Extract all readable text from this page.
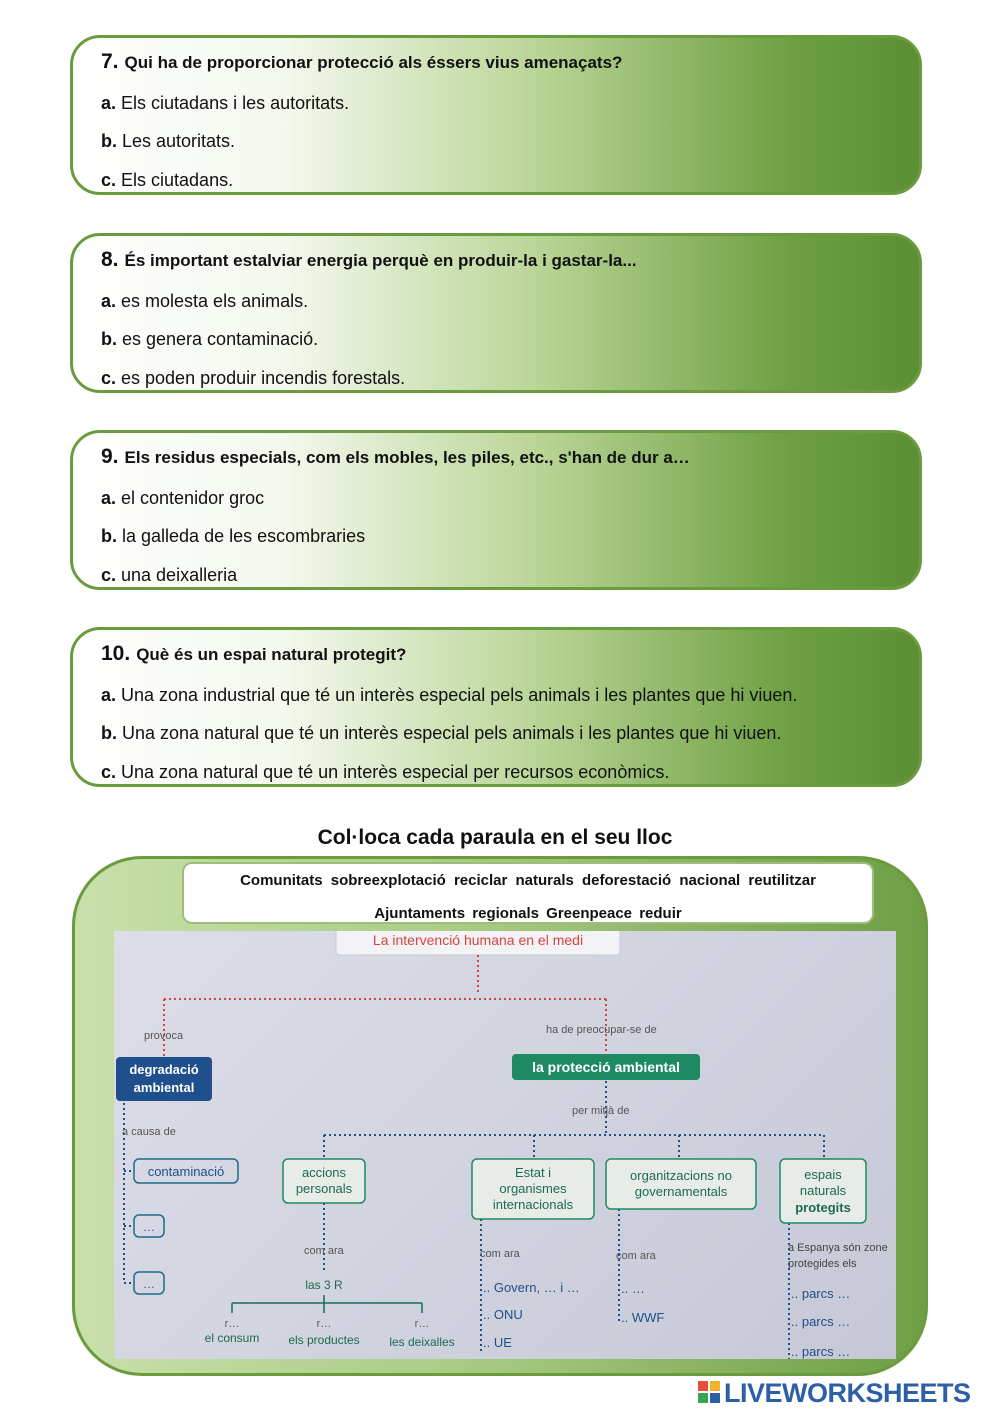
7. Qui ha de proporcionar protecció als éssers vius amenaçats?
a. Els ciutadans i les autoritats.
b. Les autoritats.
c. Els ciutadans.
8. És important estalviar energia perquè en produir-la i gastar-la...
a. es molesta els animals.
b. es genera contaminació.
c. es poden produir incendis forestals.
9. Els residus especials, com els mobles, les piles, etc., s'han de dur a…
a. el contenidor groc
b. la galleda de les escombraries
c. una deixalleria
10. Què és un espai natural protegit?
a. Una zona industrial que té un interès especial pels animals i les plantes que hi viuen.
b. Una zona natural que té un interès especial pels animals i les plantes que hi viuen.
c. Una zona natural que té un interès especial per recursos econòmics.
Col·loca cada paraula en el seu lloc
La intervenció humana en el medi
provoca	ha de preocupar-se de
degradació
ambiental
la protecció ambiental
a causa de
per mitjà de
contaminació
…
…
accions
personals
Estat i
organismes
internacionals
organitzacions no
governamentals
espais
naturals
protegits
com ara	com ara	com ara
las 3 R
r…	r…	r…
el consum els productes les deixalles
.. Govern, … i …
.. ONU
.. UE
.. …
.. WWF
a Espanya són zone
protegides els
.. parcs …
.. parcs …
.. parcs …
Comunitats sobreexplotació reciclar naturals deforestació nacional reutilitzar
Ajuntaments regionals Greenpeace reduir
LIVEWORKSHEETS
